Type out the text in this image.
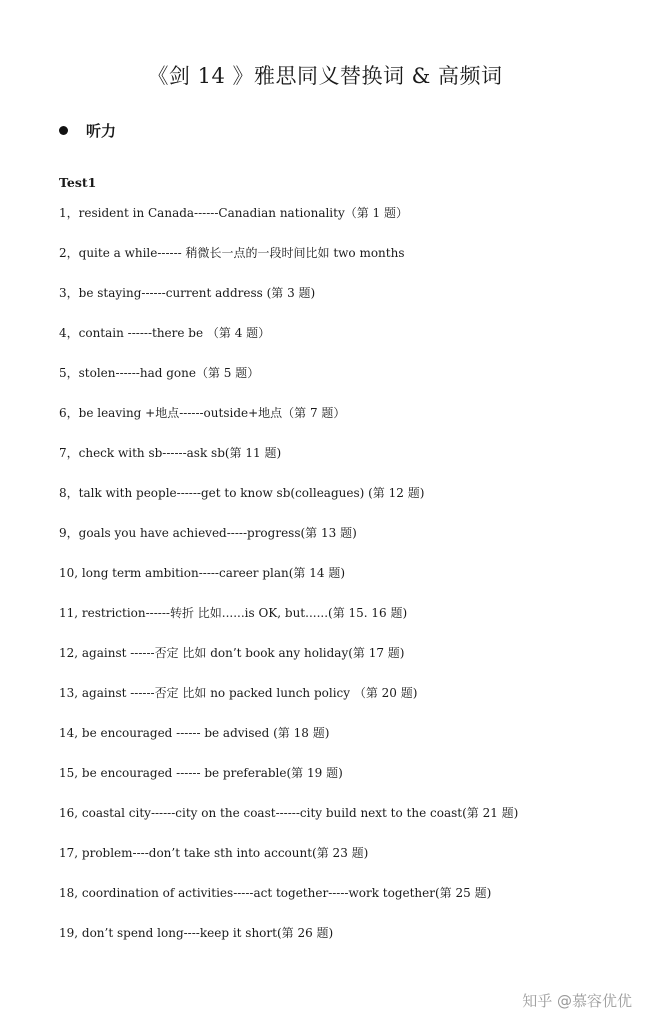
《剑 14 》雅思同义替换词 & 高频词
听力
Test1
1，resident in Canada------Canadian nationality（第 1 题）
2，quite a while------ 稍微长一点的一段时间比如 two months
3，be staying------current address (第 3 题)
4，contain ------there be （第 4 题）
5，stolen------had gone（第 5 题）
6，be leaving +地点------outside+地点（第 7 题）
7，check with sb------ask sb(第 11 题)
8，talk with people------get to know sb(colleagues) (第 12 题)
9，goals you have achieved-----progress(第 13 题)
10, long term ambition-----career plan(第 14 题)
11, restriction------转折 比如......is OK, but......(第 15. 16 题)
12, against ------否定 比如 don’t book any holiday(第 17 题)
13, against ------否定 比如 no packed lunch policy （第 20 题)
14, be encouraged ------ be advised (第 18 题)
15, be encouraged ------ be preferable(第 19 题)
16, coastal city------city on the coast------city build next to the coast(第 21 题)
17, problem----don’t take sth into account(第 23 题)
18, coordination of activities-----act together-----work together(第 25 题)
19, don’t spend long----keep it short(第 26 题)
知乎 @慕容优优
